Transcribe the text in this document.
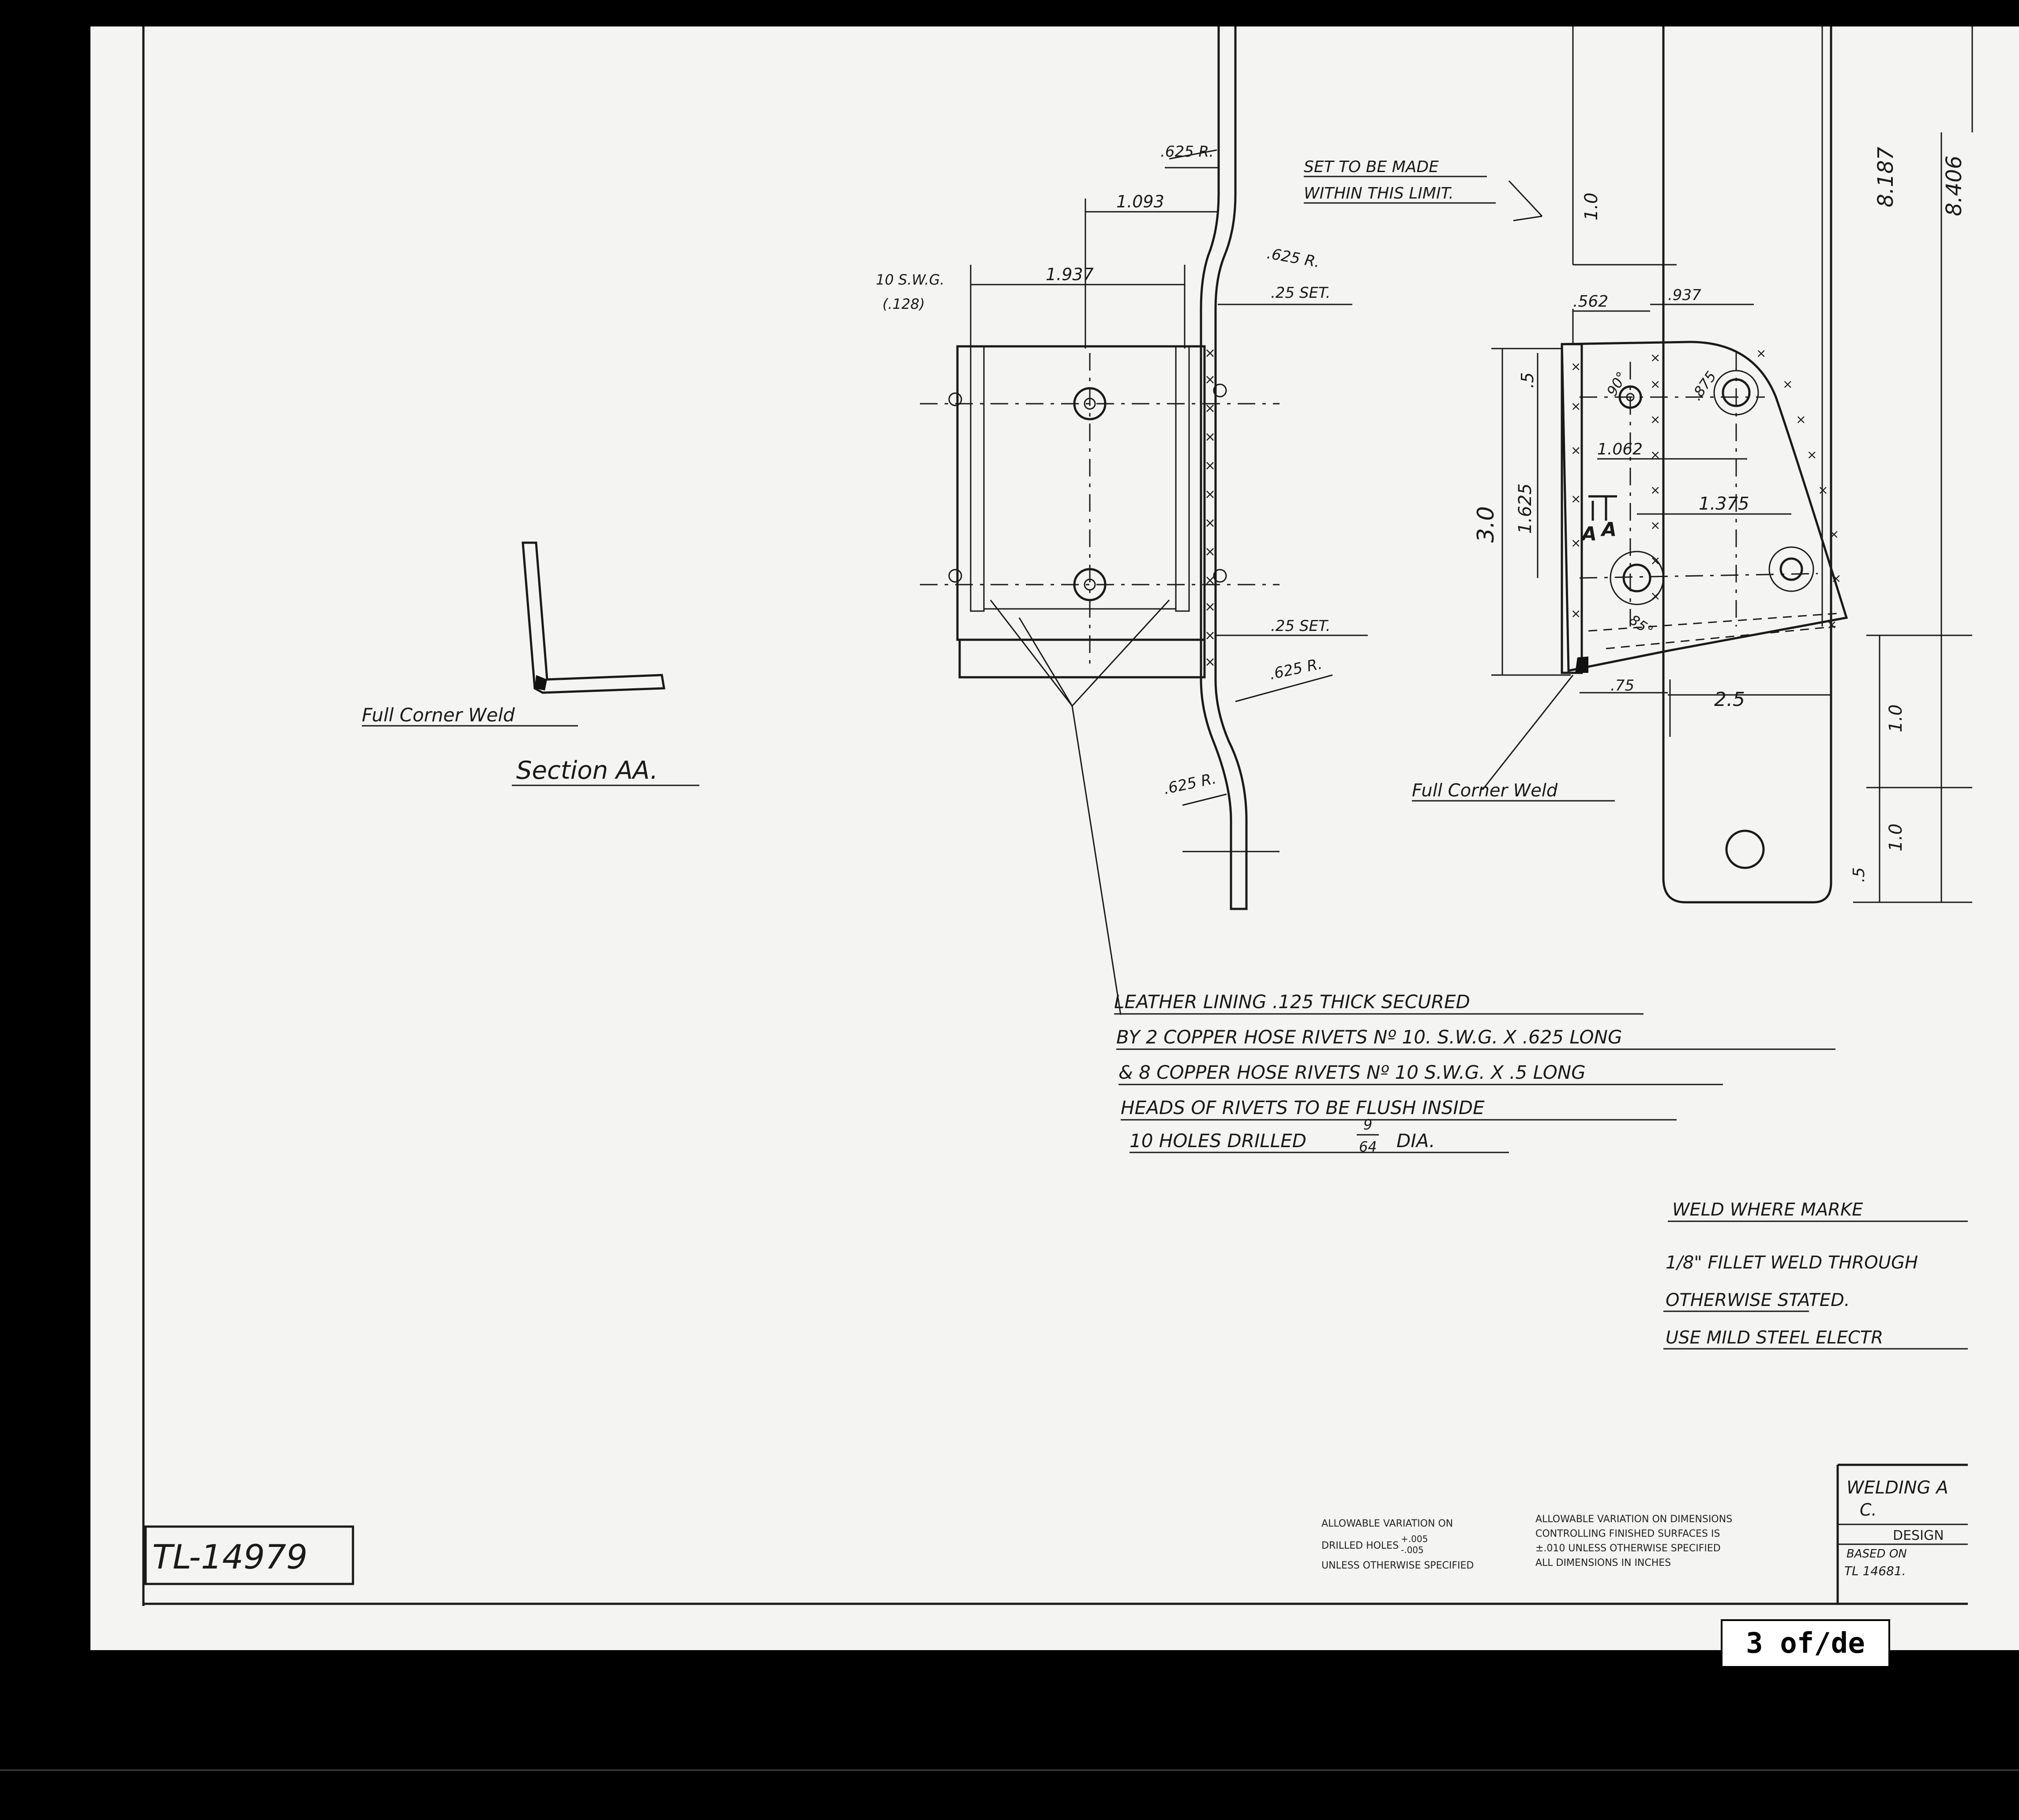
Full Corner Weld
Section AA.
×
×
×
×
×
×
×
×
×
×
×
×
.625 R.
1.093
.625 R.
10 S.W.G.
(.128)
1.937
.25 SET.
.25 SET.
.625 R.
.625 R.
×
×
×
×
×
×
×
×
×
×
×
×
×
×
×
×
×
×
×
×
×
×
SET TO BE MADE
WITHIN THIS LIMIT.	1.0	8.187 8.406
.562	.937
.5	90°	.875
1.062
3.0 1.625	1.375
A A
85°
.75
2.5
1.0
1.0
.5
Full Corner Weld
LEATHER LINING .125 THICK SECURED
BY 2 COPPER HOSE RIVETS Nº 10. S.W.G. X .625 LONG
& 8 COPPER HOSE RIVETS Nº 10 S.W.G. X .5 LONG
HEADS OF RIVETS TO BE FLUSH INSIDE
10 HOLES DRILLED
9
64 DIA.
WELD WHERE MARKE
1/8" FILLET WELD THROUGH
OTHERWISE STATED.
USE MILD STEEL ELECTR
ALLOWABLE VARIATION ON
DRILLED HOLES
+.005
-.005
UNLESS OTHERWISE SPECIFIED
ALLOWABLE VARIATION ON DIMENSIONS
CONTROLLING FINISHED SURFACES IS
±.010 UNLESS OTHERWISE SPECIFIED
ALL DIMENSIONS IN INCHES
WELDING A
C.
DESIGN
BASED ON
TL 14681.
TL-14979
3 of/de
